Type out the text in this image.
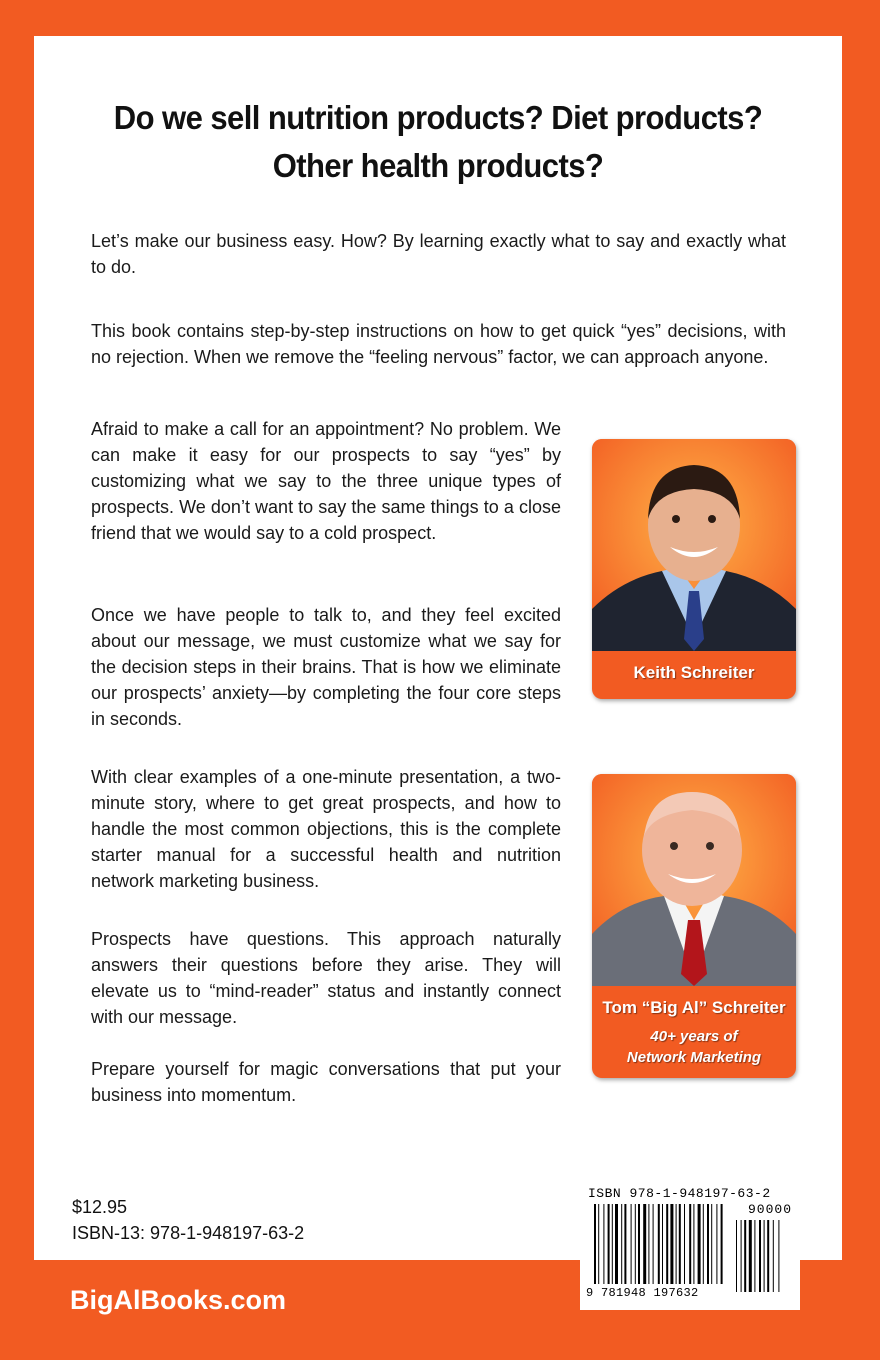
Do we sell nutrition products? Diet products?
Other health products?

Let’s make our business easy. How? By learning exactly what to say and exactly what to do.

This book contains step-by-step instructions on how to get quick “yes” decisions, with no rejection. When we remove the “feeling nervous” factor, we can approach anyone.

Afraid to make a call for an appointment? No problem. We can make it easy for our prospects to say “yes” by customizing what we say to the three unique types of prospects. We don’t want to say the same things to a close friend that we would say to a cold prospect.

Once we have people to talk to, and they feel excited about our message, we must customize what we say for the decision steps in their brains. That is how we eliminate our prospects’ anxiety—by completing the four core steps in seconds.

With clear examples of a one-minute presentation, a two-minute story, where to get great prospects, and how to handle the most common objections, this is the complete starter manual for a successful health and nutrition network marketing business.

Prospects have questions. This approach naturally answers their questions before they arise. They will elevate us to “mind-reader” status and instantly connect with our message.

Prepare yourself for magic conversations that put your business into momentum.

Keith Schreiter
Tom “Big Al” Schreiter
40+ years of
Network Marketing
$12.95
ISBN-13: 978-1-948197-63-2
ISBN 978-1-948197-63-2
90000
9 781948 197632
BigAlBooks.com
